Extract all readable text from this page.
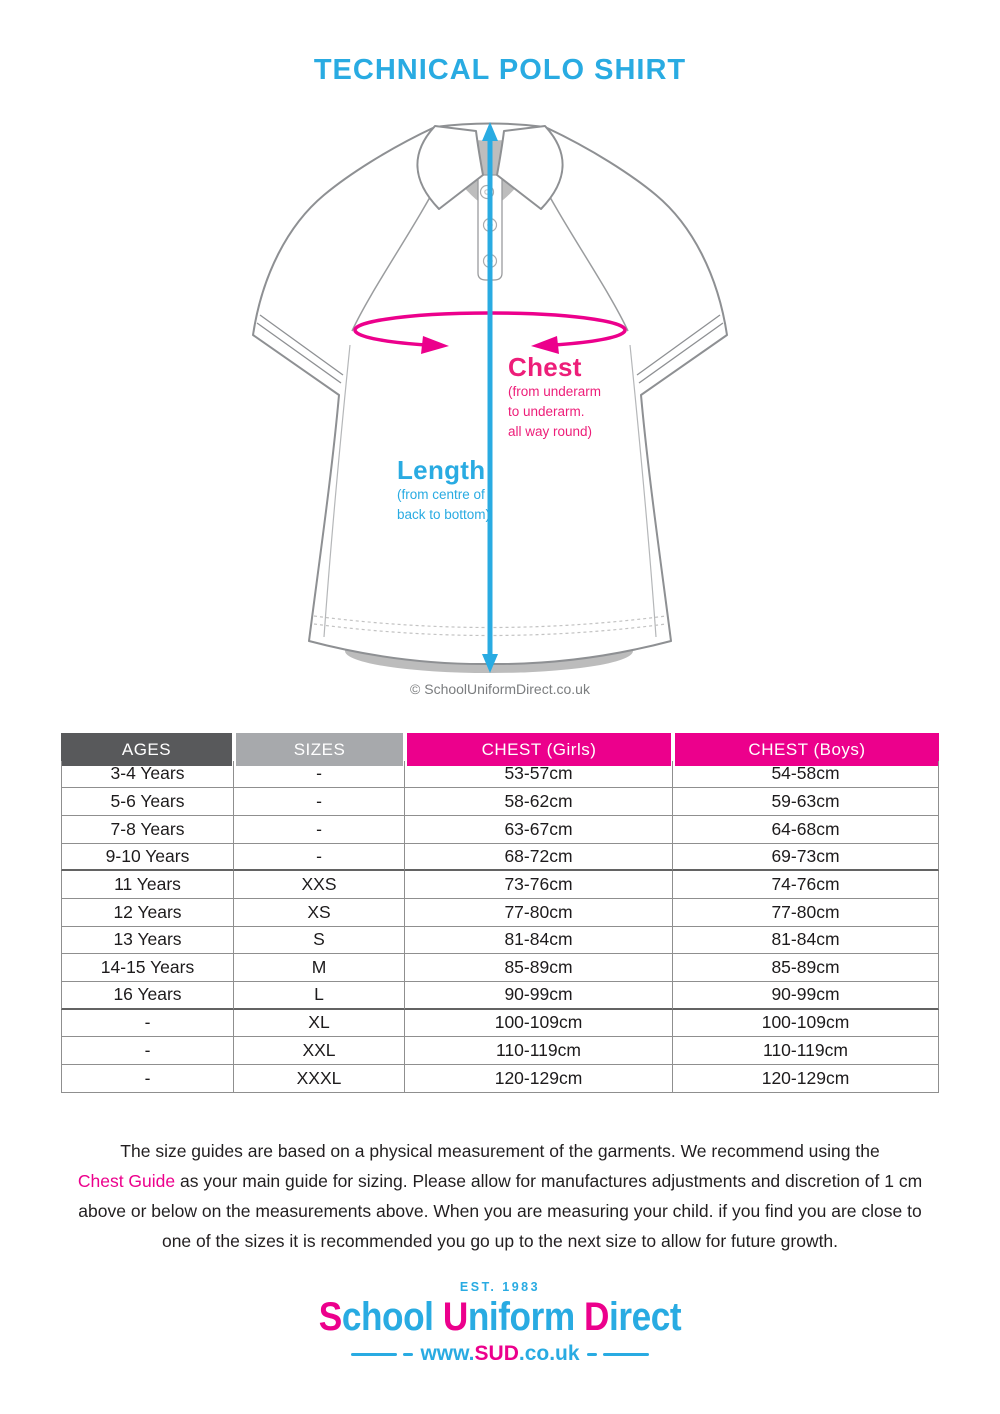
TECHNICAL POLO SHIRT
Chest
(from underarm
to underarm.
all way round)
Length
(from centre of
back to bottom)
© SchoolUniformDirect.co.uk
AGES	SIZES	CHEST (Girls)	CHEST (Boys)
3-4 Years	-	53-57cm	54-58cm
5-6 Years	-	58-62cm	59-63cm
7-8 Years	-	63-67cm	64-68cm
9-10 Years	-	68-72cm	69-73cm
11 Years	XXS	73-76cm	74-76cm
12 Years	XS	77-80cm	77-80cm
13 Years	S	81-84cm	81-84cm
14-15 Years	M	85-89cm	85-89cm
16 Years	L	90-99cm	90-99cm
-	XL	100-109cm	100-109cm
-	XXL	110-119cm	110-119cm
-	XXXL	120-129cm	120-129cm
The size guides are based on a physical measurement of the garments. We recommend using the
Chest Guide as your main guide for sizing. Please allow for manufactures adjustments and discretion of 1 cm
above or below on the measurements above. When you are measuring your child. if you find you are close to
one of the sizes it is recommended you go up to the next size to allow for future growth.
EST. 1983
School Uniform Direct
www.SUD.co.uk
